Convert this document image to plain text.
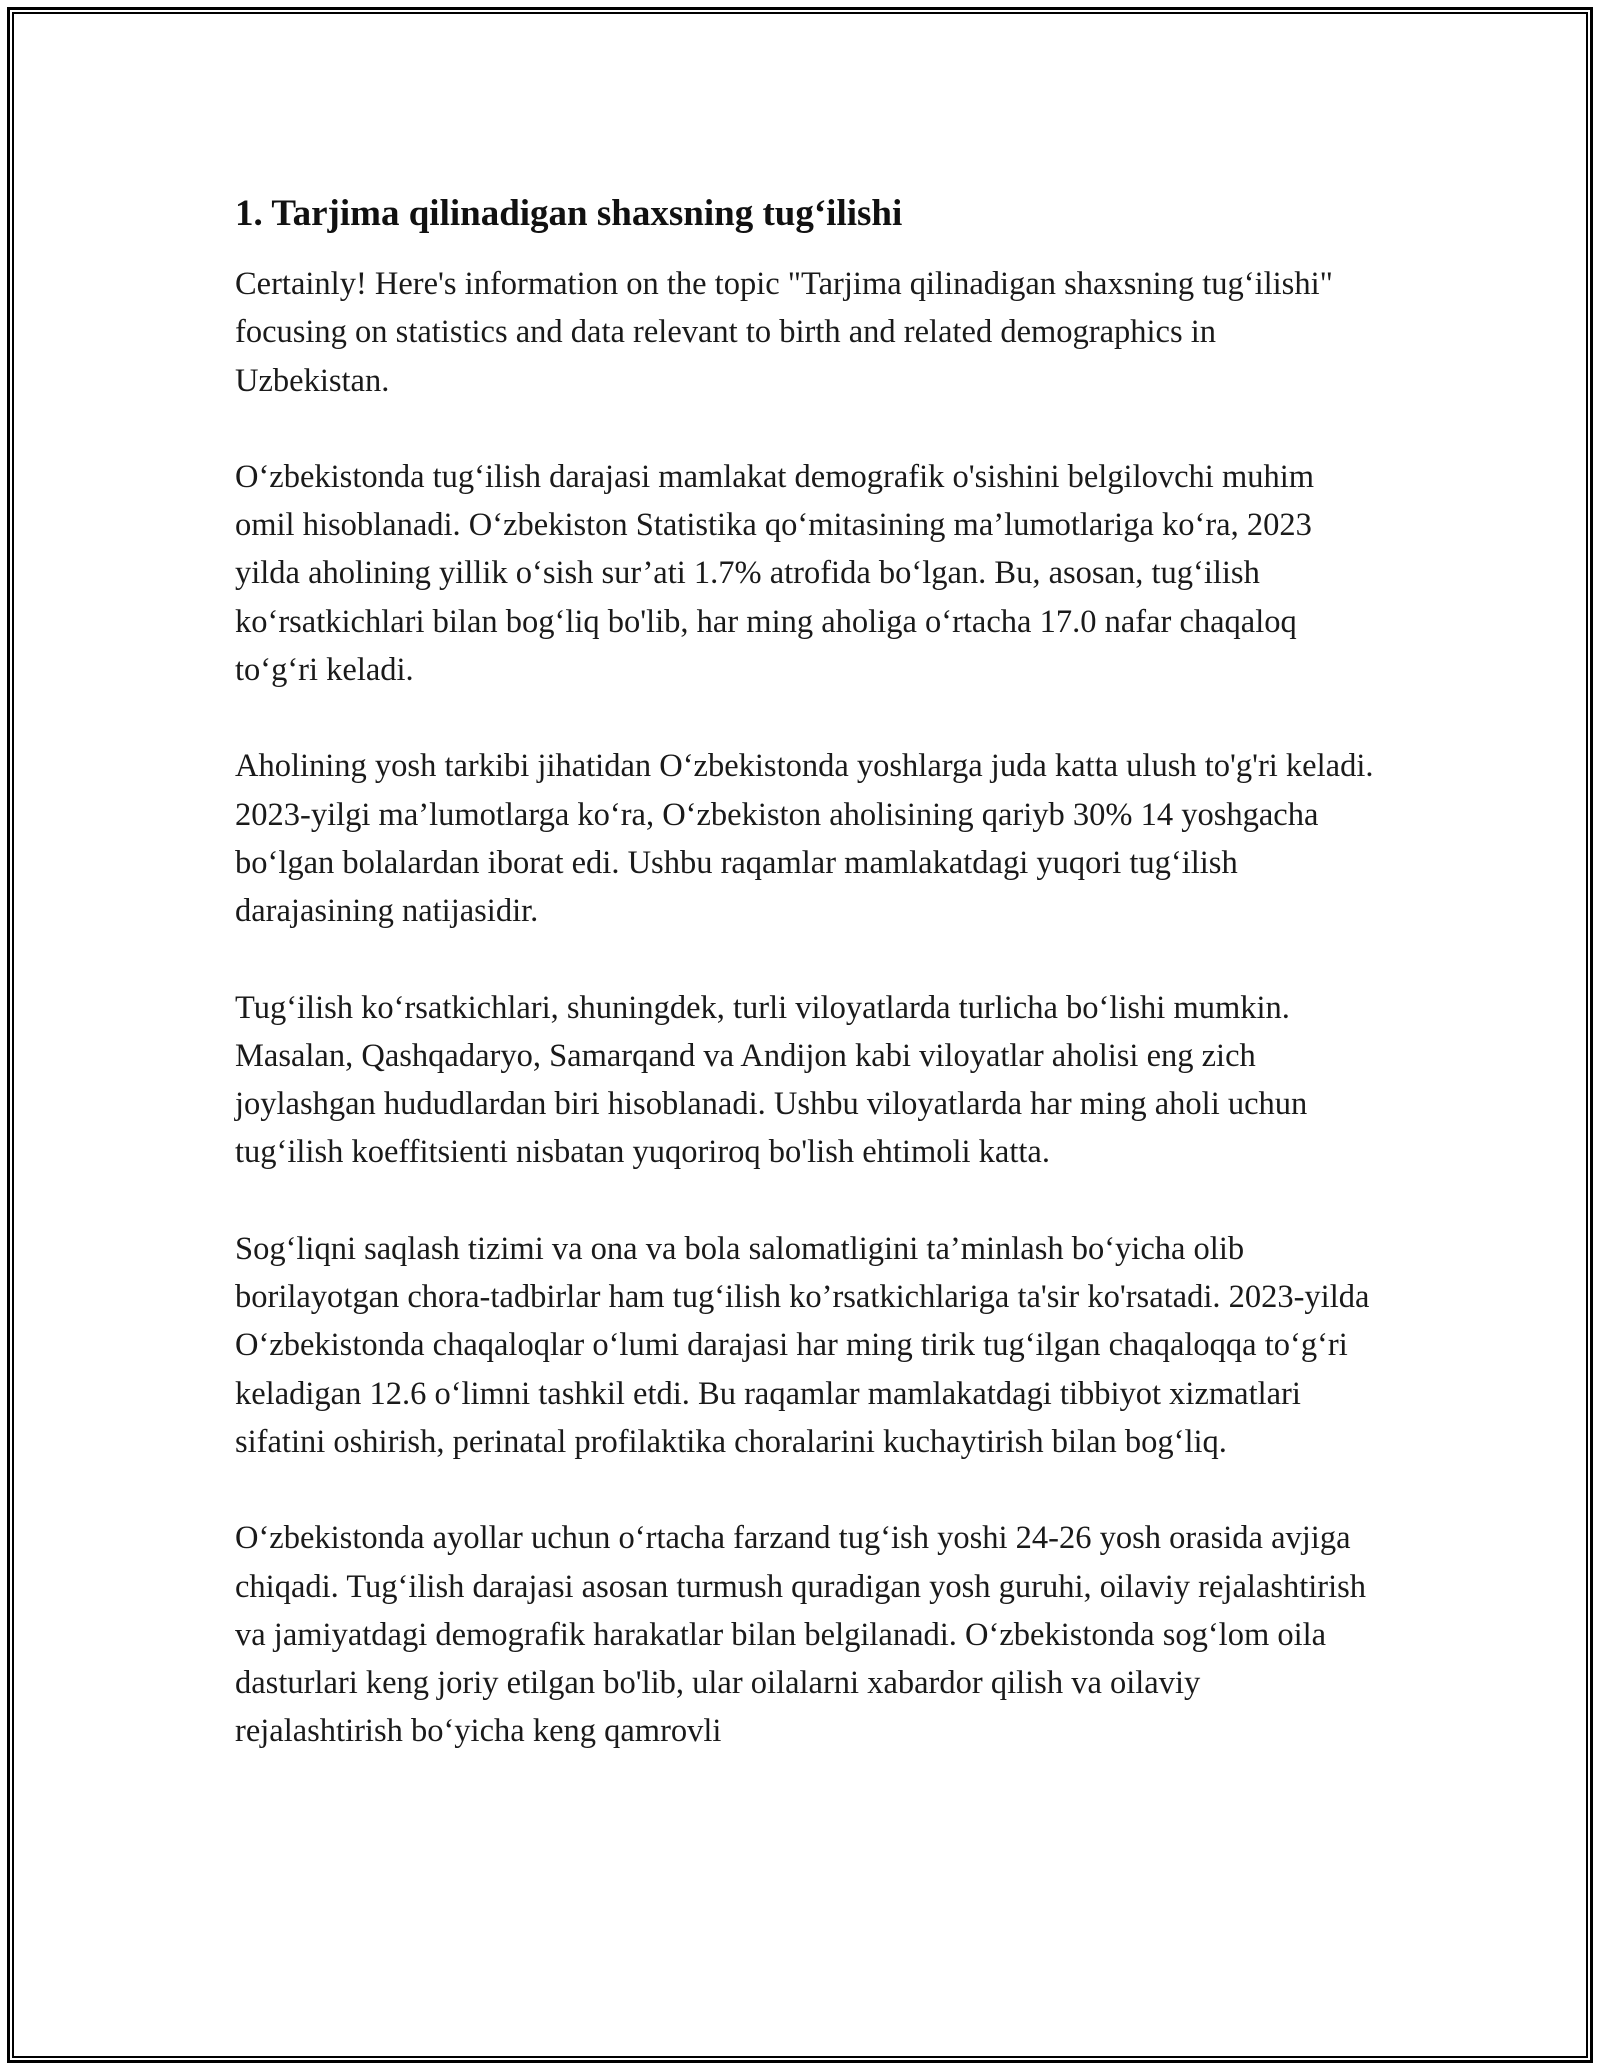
1. Tarjima qilinadigan shaxsning tug‘ilishi

Certainly! Here's information on the topic "Tarjima qilinadigan shaxsning tug‘ilishi" focusing on statistics and data relevant to birth and related demographics in Uzbekistan.

O‘zbekistonda tug‘ilish darajasi mamlakat demografik o'sishini belgilovchi muhim omil hisoblanadi. O‘zbekiston Statistika qo‘mitasining ma’lumotlariga ko‘ra, 2023 yilda aholining yillik o‘sish sur’ati 1.7% atrofida bo‘lgan. Bu, asosan, tug‘ilish ko‘rsatkichlari bilan bog‘liq bo'lib, har ming aholiga o‘rtacha 17.0 nafar chaqaloq to‘g‘ri keladi.

Aholining yosh tarkibi jihatidan O‘zbekistonda yoshlarga juda katta ulush to'g'ri keladi. 2023-yilgi ma’lumotlarga ko‘ra, O‘zbekiston aholisining qariyb 30% 14 yoshgacha bo‘lgan bolalardan iborat edi. Ushbu raqamlar mamlakatdagi yuqori tug‘ilish darajasining natijasidir.

Tug‘ilish ko‘rsatkichlari, shuningdek, turli viloyatlarda turlicha bo‘lishi mumkin. Masalan, Qashqadaryo, Samarqand va Andijon kabi viloyatlar aholisi eng zich joylashgan hududlardan biri hisoblanadi. Ushbu viloyatlarda har ming aholi uchun tug‘ilish koeffitsienti nisbatan yuqoriroq bo'lish ehtimoli katta.

Sog‘liqni saqlash tizimi va ona va bola salomatligini ta’minlash bo‘yicha olib borilayotgan chora-tadbirlar ham tug‘ilish ko’rsatkichlariga ta'sir ko'rsatadi. 2023-yilda O‘zbekistonda chaqaloqlar o‘lumi darajasi har ming tirik tug‘ilgan chaqaloqqa to‘g‘ri keladigan 12.6 o‘limni tashkil etdi. Bu raqamlar mamlakatdagi tibbiyot xizmatlari sifatini oshirish, perinatal profilaktika choralarini kuchaytirish bilan bog‘liq.

O‘zbekistonda ayollar uchun o‘rtacha farzand tug‘ish yoshi 24-26 yosh orasida avjiga chiqadi. Tug‘ilish darajasi asosan turmush quradigan yosh guruhi, oilaviy rejalashtirish va jamiyatdagi demografik harakatlar bilan belgilanadi. O‘zbekistonda sog‘lom oila dasturlari keng joriy etilgan bo'lib, ular oilalarni xabardor qilish va oilaviy rejalashtirish bo‘yicha keng qamrovli
